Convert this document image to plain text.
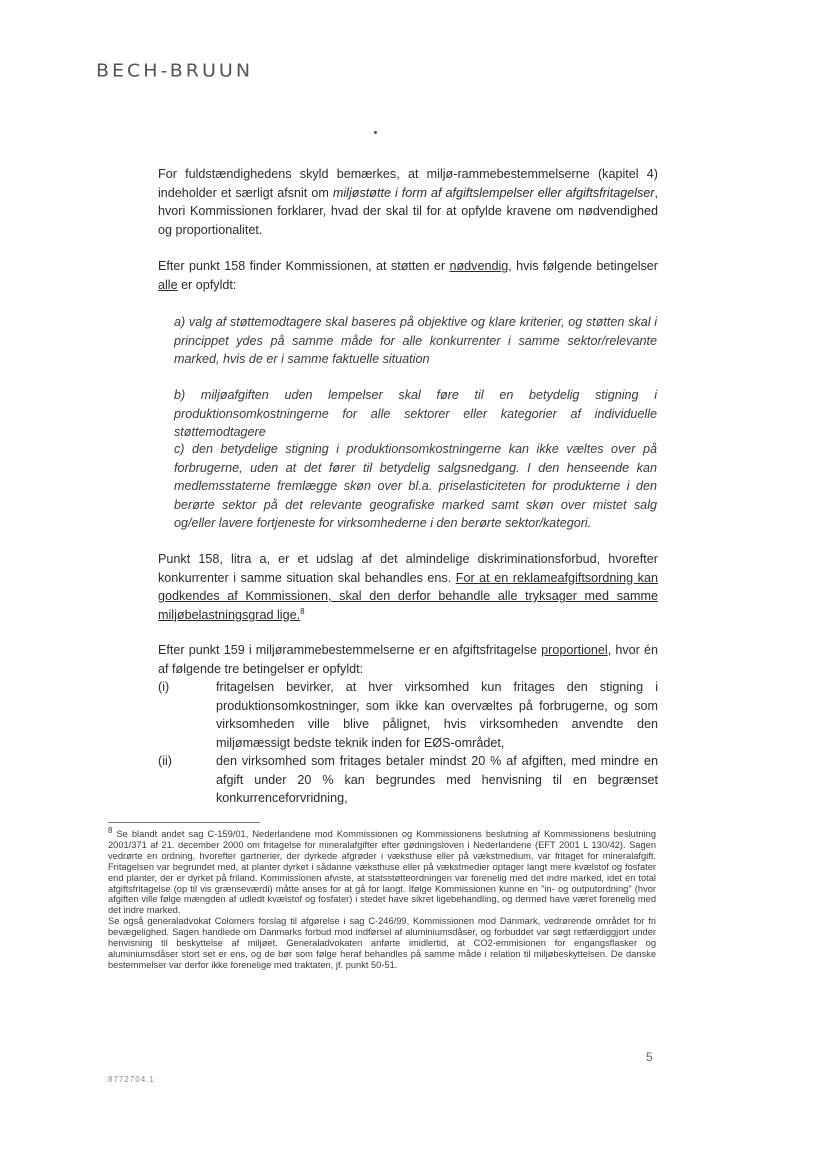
BECH-BRUUN

For fuldstændighedens skyld bemærkes, at miljø-rammebestemmelserne (kapitel 4) indeholder et særligt afsnit om miljøstøtte i form af afgiftslempelser eller afgiftsfritagelser, hvori Kommissionen forklarer, hvad der skal til for at opfylde kravene om nødvendighed og proportionalitet.

Efter punkt 158 finder Kommissionen, at støtten er nødvendig, hvis følgende betingelser alle er opfyldt:

a) valg af støttemodtagere skal baseres på objektive og klare kriterier, og støtten skal i princippet ydes på samme måde for alle konkurrenter i samme sektor/relevante marked, hvis de er i samme faktuelle situation

b) miljøafgiften uden lempelser skal føre til en betydelig stigning i produktionsomkostningerne for alle sektorer eller kategorier af individuelle støttemodtagere

c) den betydelige stigning i produktionsomkostningerne kan ikke væltes over på forbrugerne, uden at det fører til betydelig salgsnedgang. I den henseende kan medlemsstaterne fremlægge skøn over bl.a. priselasticiteten for produkterne i den berørte sektor på det relevante geografiske marked samt skøn over mistet salg og/eller lavere fortjeneste for virksomhederne i den berørte sektor/kategori.

Punkt 158, litra a, er et udslag af det almindelige diskriminationsforbud, hvorefter konkurrenter i samme situation skal behandles ens. For at en reklameafgiftsordning kan godkendes af Kommissionen, skal den derfor behandle alle tryksager med samme miljøbelastningsgrad lige.$^8$

Efter punkt 159 i miljørammebestemmelserne er en afgiftsfritagelse proportionel, hvor én af følgende tre betingelser er opfyldt:

(i)	fritagelsen bevirker, at hver virksomhed kun fritages den stigning i produktionsomkostninger, som ikke kan overvæltes på forbrugerne, og som virksomheden ville blive pålignet, hvis virksomheden anvendte den miljømæssigt bedste teknik inden for EØS-området,
(ii)	den virksomhed som fritages betaler mindst 20 % af afgiften, med mindre en afgift under 20 % kan begrundes med henvisning til en begrænset konkurrenceforvridning,

$^8$ Se blandt andet sag C-159/01, Nederlandene mod Kommissionen og Kommissionens beslutning af Kommissionens beslutning 2001/371 af 21. december 2000 om fritagelse for mineralafgifter efter gødningsloven i Nederlandene (EFT 2001 L 130/42). Sagen vedrørte en ordning, hvorefter gartnerier, der dyrkede afgrøder i væksthuse eller på vækstmedium, var fritaget for mineralafgift. Fritagelsen var begrundet med, at planter dyrket i sådanne væksthuse eller på vækstmedier optager langt mere kvælstof og fosfater end planter, der er dyrket på friland. Kommissionen afviste, at statsstøtteordningen var forenelig med det indre marked, idet en total afgiftsfritagelse (op til vis grænseværdi) måtte anses for at gå for langt. Ifølge Kommissionen kunne en "in- og outputordning" (hvor afgiften ville følge mængden af udledt kvælstof og fosfater) i stedet have sikret ligebehandling, og dermed have været forenelig med det indre marked.

Se også generaladvokat Colomers forslag til afgørelse i sag C-246/99, Kommissionen mod Danmark, vedrørende området for fri bevægelighed. Sagen handlede om Danmarks forbud mod indførsel af aluminiumsdåser, og forbuddet var søgt retfærdiggjort under henvisning til beskyttelse af miljøet. Generaladvokaten anførte imidlertid, at CO2-emmisionen for engangsflasker og aluminiumsdåser stort set er ens, og de bør som følge heraf behandles på samme måde i relation til miljøbeskyttelsen. De danske bestemmelser var derfor ikke forenelige med traktaten, jf. punkt 50-51.

5
8772704.1
